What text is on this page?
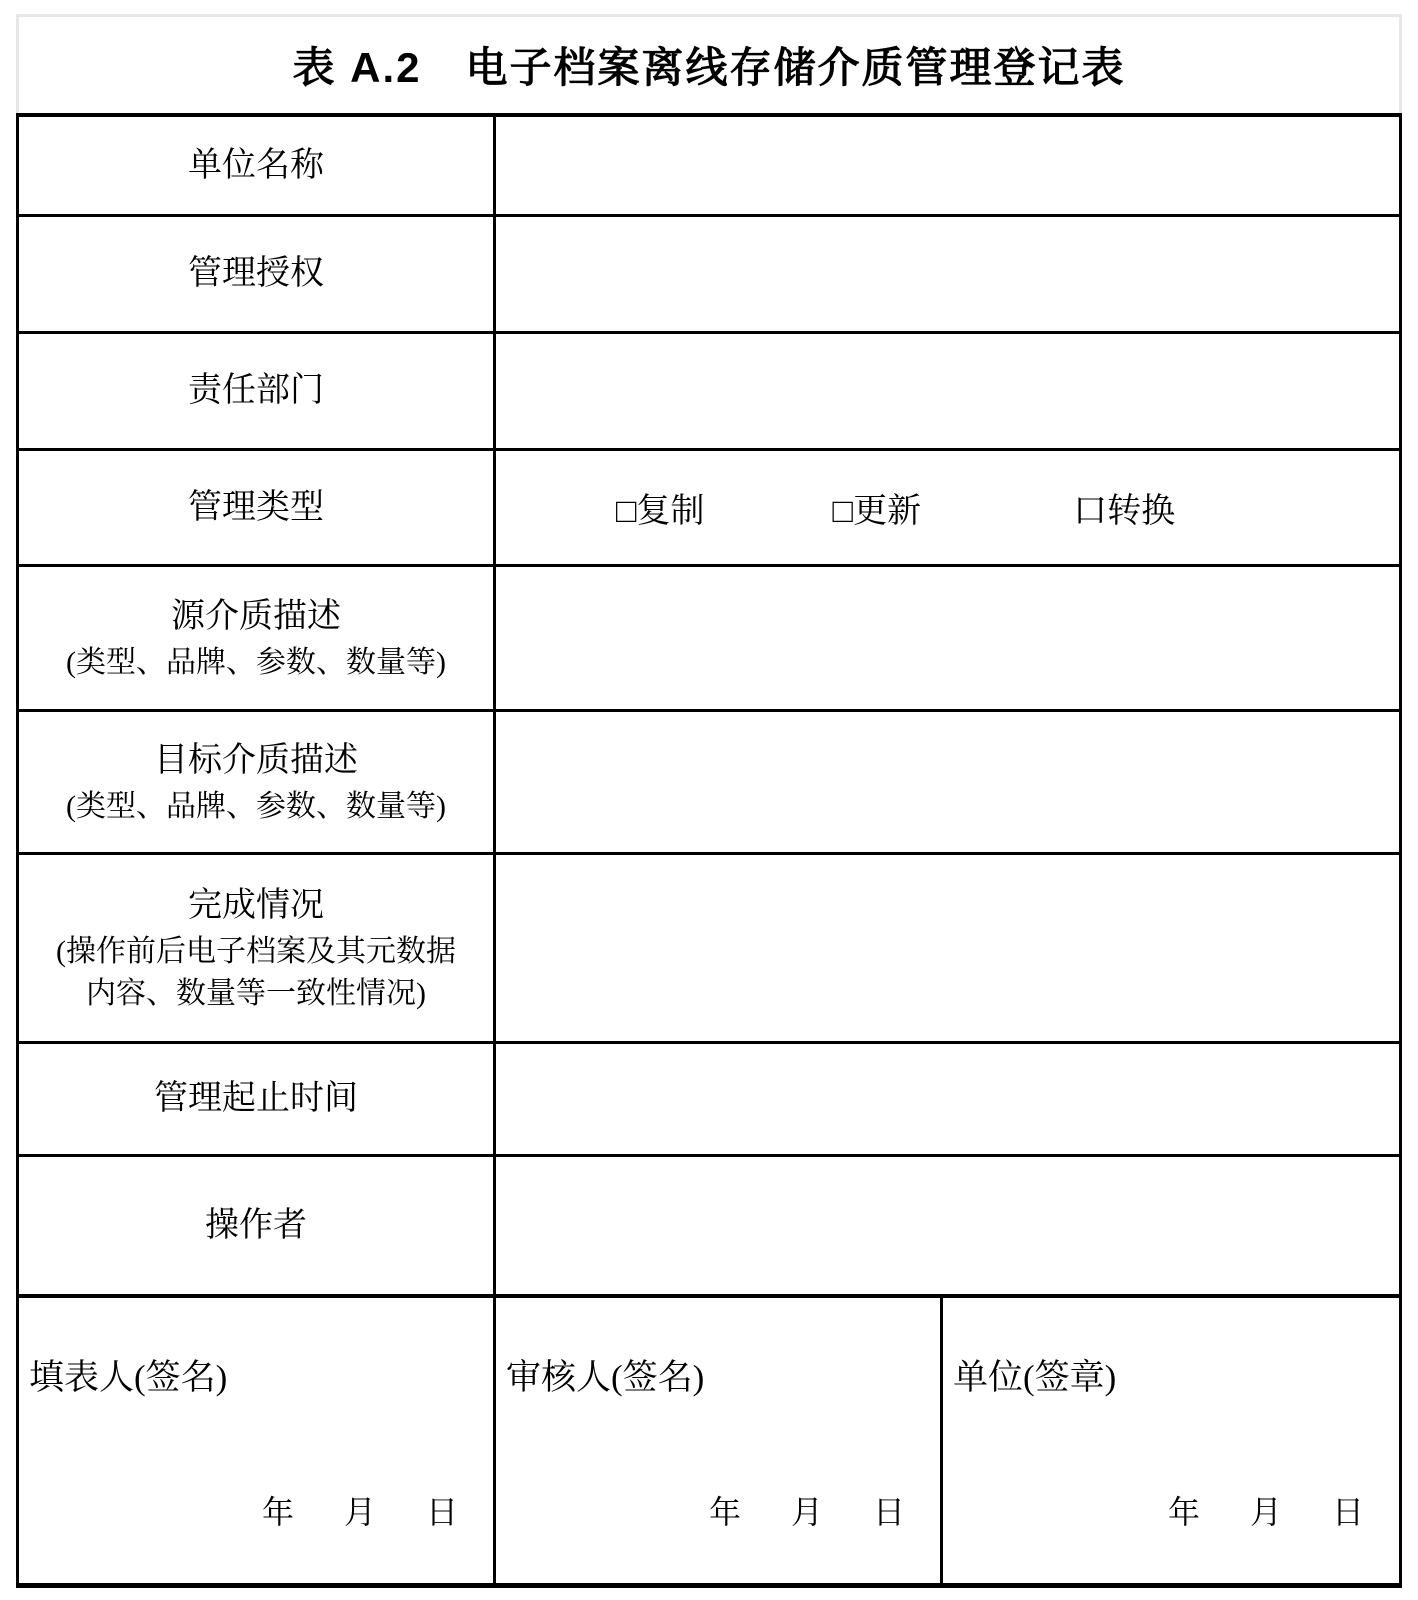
表 A.2　电子档案离线存储介质管理登记表
单位名称
管理授权
责任部门
管理类型	□复制	□更新	口转换
源介质描述
(类型、品牌、参数、数量等)
目标介质描述
(类型、品牌、参数、数量等)
完成情况
(操作前后电子档案及其元数据
内容、数量等一致性情况)
管理起止时间
操作者
填表人(签名)
年　月　日
审核人(签名)
年　月　日
单位(签章)
年　月　日
